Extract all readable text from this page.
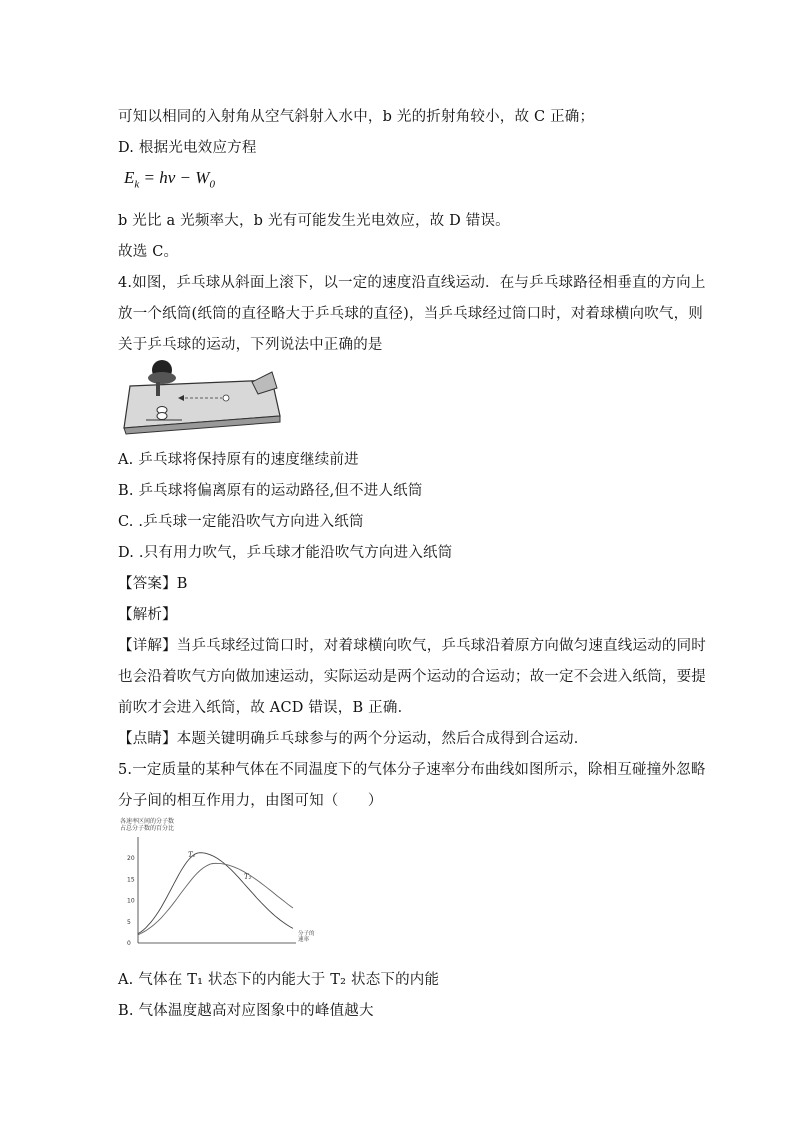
可知以相同的入射角从空气斜射入水中，b 光的折射角较小，故 C 正确；
D. 根据光电效应方程
$E_k = h\nu - W_0$
b 光比 a 光频率大，b 光有可能发生光电效应，故 D 错误。
故选 C。
4.如图，乒乓球从斜面上滚下，以一定的速度沿直线运动．在与乒乓球路径相垂直的方向上
放一个纸筒(纸筒的直径略大于乒乓球的直径)，当乒乓球经过筒口时，对着球横向吹气，则
关于乒乓球的运动，下列说法中正确的是
A. 乒乓球将保持原有的速度继续前进
B. 乒乓球将偏离原有的运动路径,但不进人纸筒
C. .乒乓球一定能沿吹气方向进入纸筒
D. .只有用力吹气，乒乓球才能沿吹气方向进入纸筒
【答案】B
【解析】
【详解】当乒乓球经过筒口时，对着球横向吹气，乒乓球沿着原方向做匀速直线运动的同时
也会沿着吹气方向做加速运动，实际运动是两个运动的合运动；故一定不会进入纸筒，要提
前吹才会进入纸筒，故 ACD 错误，B 正确．
【点睛】本题关键明确乒乓球参与的两个分运动，然后合成得到合运动．
5.一定质量的某种气体在不同温度下的气体分子速率分布曲线如图所示，除相互碰撞外忽略
分子间的相互作用力，由图可知（　　）
各速率区间的分子数 占总分子数的百分比
0
5
10
15
20	T₁
T₂
分子的 速率
A. 气体在 T₁ 状态下的内能大于 T₂ 状态下的内能
B. 气体温度越高对应图象中的峰值越大
